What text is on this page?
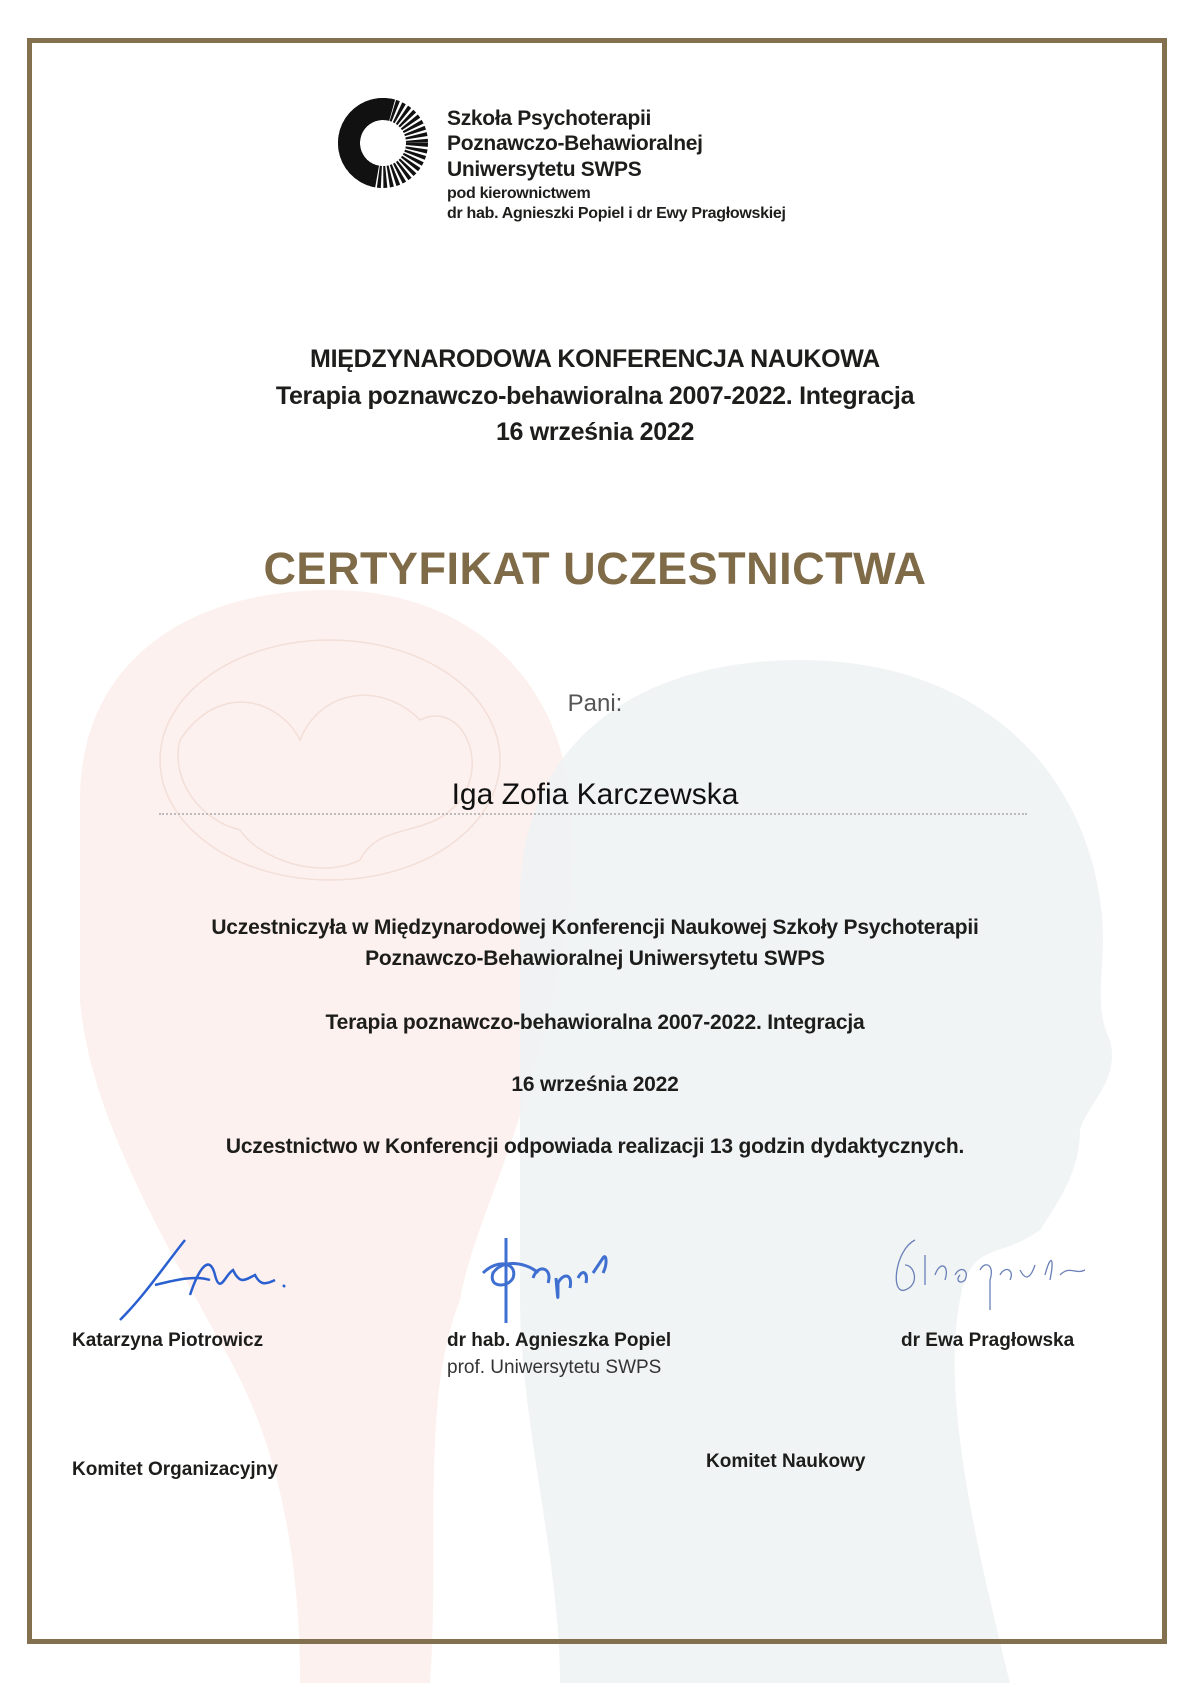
Szkoła Psychoterapii
Poznawczo-Behawioralnej
Uniwersytetu SWPS
pod kierownictwem
dr hab. Agnieszki Popiel i dr Ewy Pragłowskiej
MIĘDZYNARODOWA KONFERENCJA NAUKOWA
Terapia poznawczo-behawioralna 2007-2022. Integracja
16 września 2022
CERTYFIKAT UCZESTNICTWA
Pani:
Iga Zofia Karczewska
Uczestniczyła w Międzynarodowej Konferencji Naukowej Szkoły Psychoterapii
Poznawczo-Behawioralnej Uniwersytetu SWPS
Terapia poznawczo-behawioralna 2007-2022. Integracja
16 września 2022
Uczestnictwo w Konferencji odpowiada realizacji 13 godzin dydaktycznych.
Katarzyna Piotrowicz	dr hab. Agnieszka Popiel
prof. Uniwersytetu SWPS
dr Ewa Pragłowska
Komitet Organizacyjny	Komitet Naukowy
